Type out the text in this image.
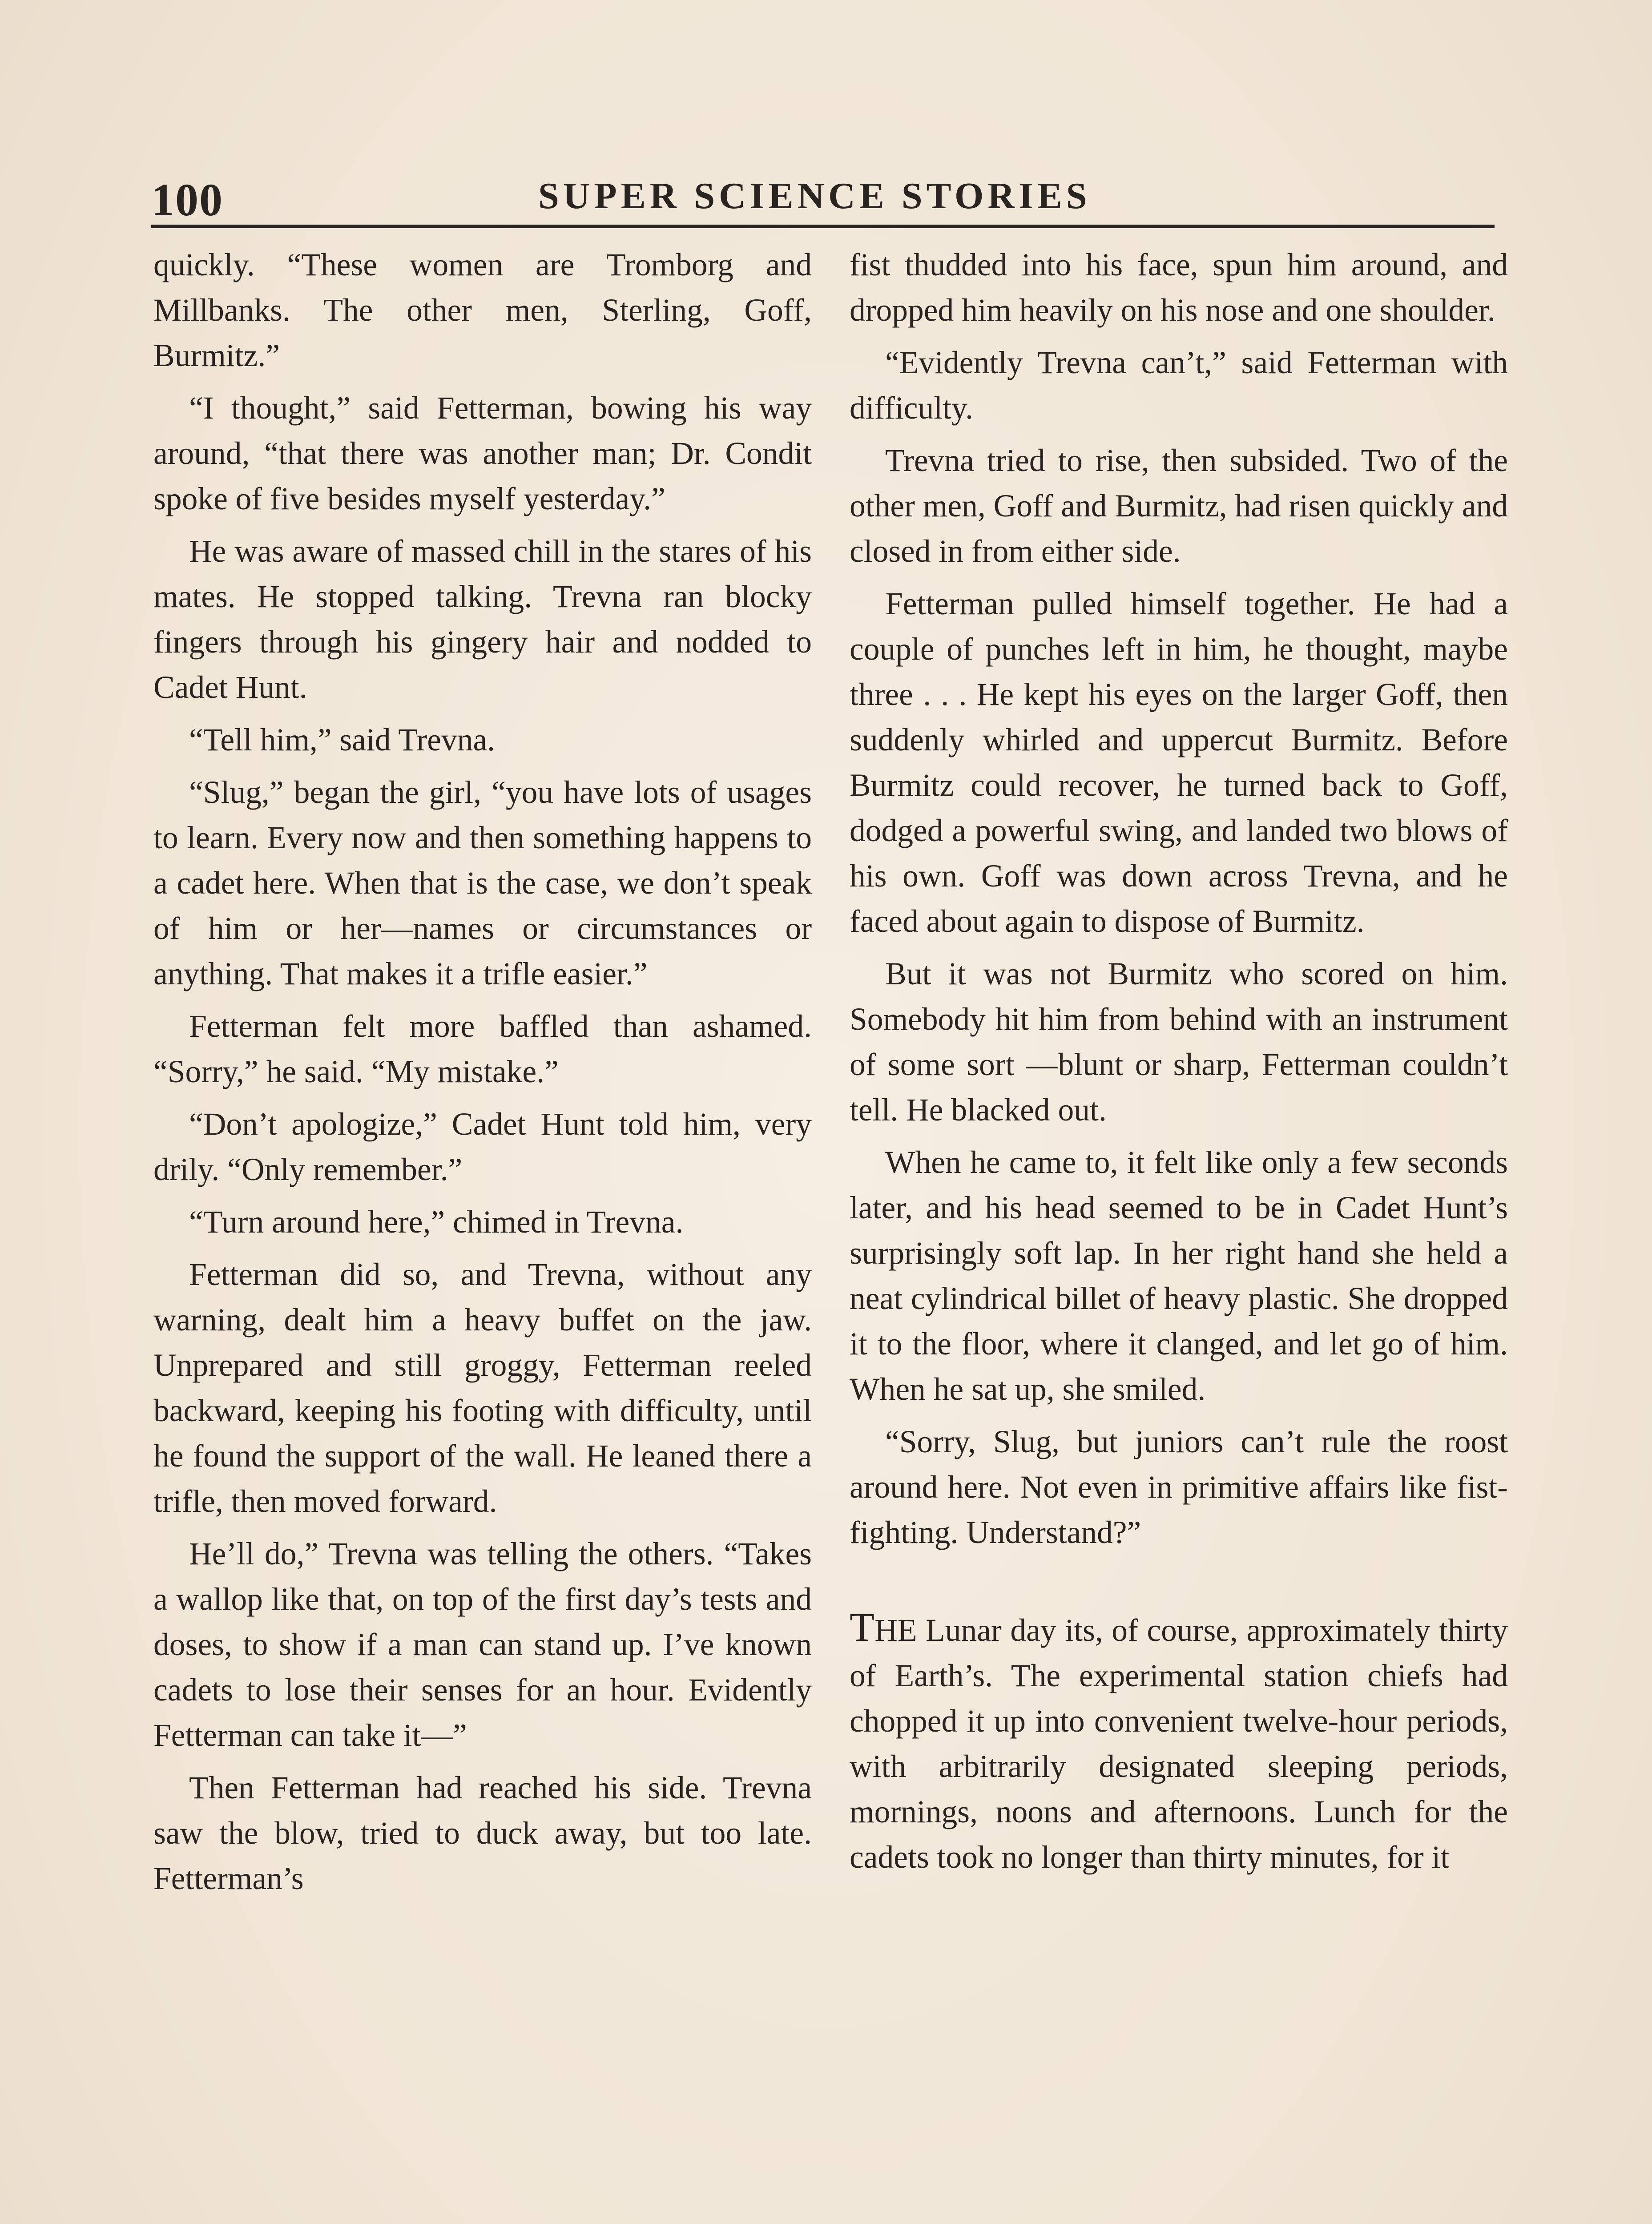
100	SUPER SCIENCE STORIES

quickly. “These women are Tromborg and Millbanks. The other men, Sterling, Goff, Burmitz.”

“I thought,” said Fetterman, bowing his way around, “that there was another man; Dr. Condit spoke of five besides myself yesterday.”

He was aware of massed chill in the stares of his mates. He stopped talking. Trevna ran blocky fingers through his gingery hair and nodded to Cadet Hunt.

“Tell him,” said Trevna.

“Slug,” began the girl, “you have lots of usages to learn. Every now and then something happens to a cadet here. When that is the case, we don’t speak of him or her—names or circumstances or anything. That makes it a trifle easier.”

Fetterman felt more baffled than ashamed. “Sorry,” he said. “My mistake.”

“Don’t apologize,” Cadet Hunt told him, very drily. “Only remember.”

“Turn around here,” chimed in Trevna.

Fetterman did so, and Trevna, without any warning, dealt him a heavy buffet on the jaw. Unprepared and still groggy, Fetterman reeled backward, keeping his footing with difficulty, until he found the support of the wall. He leaned there a trifle, then moved forward.

He’ll do,” Trevna was telling the others. “Takes a wallop like that, on top of the first day’s tests and doses, to show if a man can stand up. I’ve known cadets to lose their senses for an hour. Evidently Fetterman can take it—”

Then Fetterman had reached his side. Trevna saw the blow, tried to duck away, but too late. Fetterman’s

fist thudded into his face, spun him around, and dropped him heavily on his nose and one shoulder.

“Evidently Trevna can’t,” said Fetterman with difficulty.

Trevna tried to rise, then subsided. Two of the other men, Goff and Burmitz, had risen quickly and closed in from either side.

Fetterman pulled himself together. He had a couple of punches left in him, he thought, maybe three . . . He kept his eyes on the larger Goff, then suddenly whirled and uppercut Burmitz. Before Burmitz could recover, he turned back to Goff, dodged a powerful swing, and landed two blows of his own. Goff was down across Trevna, and he faced about again to dispose of Burmitz.

But it was not Burmitz who scored on him. Somebody hit him from behind with an instrument of some sort —blunt or sharp, Fetterman couldn’t tell. He blacked out.

When he came to, it felt like only a few seconds later, and his head seemed to be in Cadet Hunt’s surprisingly soft lap. In her right hand she held a neat cylindrical billet of heavy plastic. She dropped it to the floor, where it clanged, and let go of him. When he sat up, she smiled.

“Sorry, Slug, but juniors can’t rule the roost around here. Not even in primitive affairs like fist-fighting. Understand?”

THE Lunar day its, of course, approximately thirty of Earth’s. The experimental station chiefs had chopped it up into convenient twelve-hour periods, with arbitrarily designated sleeping periods, mornings, noons and afternoons. Lunch for the cadets took no longer than thirty minutes, for it
